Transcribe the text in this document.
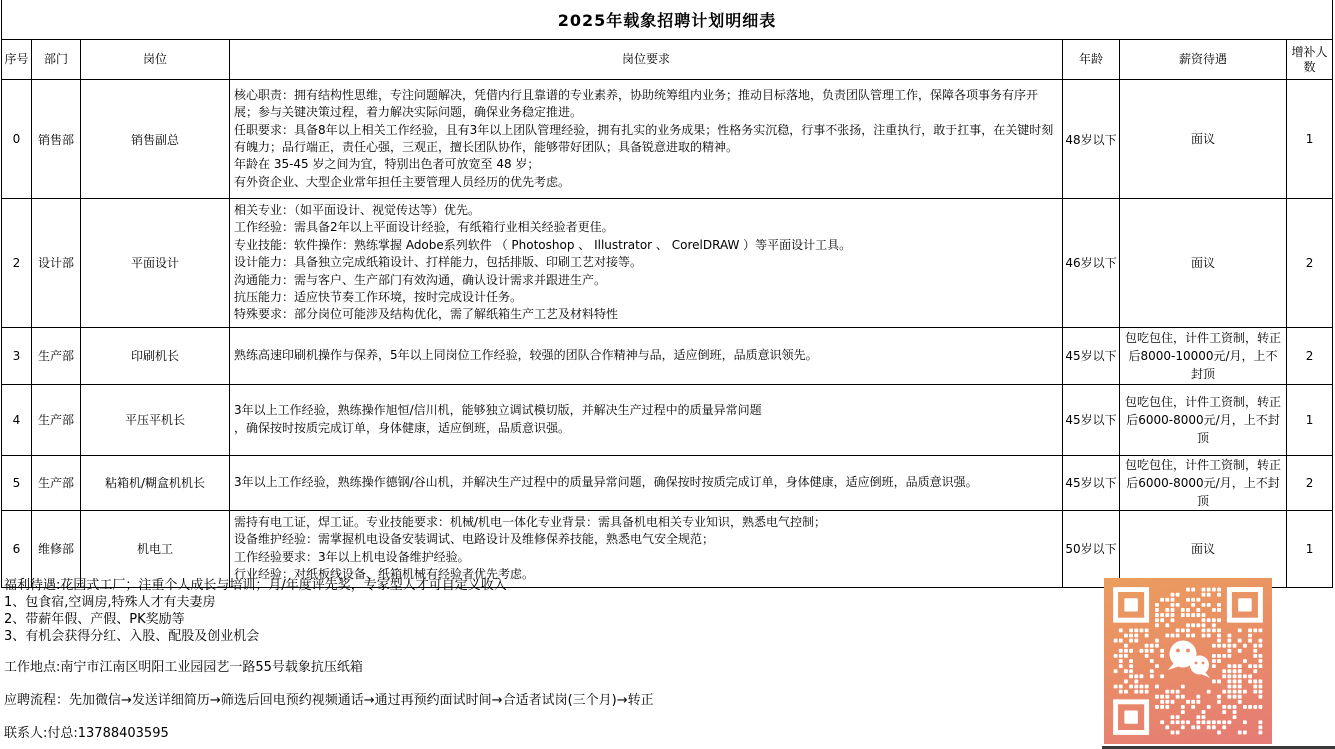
2025年载象招聘计划明细表						
序号	部门	岗位	岗位要求	年龄	薪资待遇	增补人数
0	销售部	销售副总	核心职责：拥有结构性思维，专注问题解决，凭借内行且靠谱的专业素养，协助统筹组内业务；推动目标落地，负责团队管理工作，保障各项事务有序开展；参与关键决策过程，着力解决实际问题，确保业务稳定推进。
任职要求：具备8年以上相关工作经验，且有3年以上团队管理经验，拥有扎实的业务成果；性格务实沉稳，行事不张扬，注重执行，敢于扛事，在关键时刻有魄力；品行端正，责任心强，三观正，擅长团队协作，能够带好团队；具备锐意进取的精神。
年龄在 35-45 岁之间为宜，特别出色者可放宽至 48 岁；
有外资企业、大型企业常年担任主要管理人员经历的优先考虑。	48岁以下	面议	1
2	设计部	平面设计	
相关专业：（如平面设计、视觉传达等）优先。
工作经验：需具备2年以上平面设计经验，有纸箱行业相关经验者更佳。
专业技能：软件操作：熟练掌握 Adobe系列软件 （ Photoshop 、 Illustrator 、 CorelDRAW ）等平面设计工具。
设计能力：具备独立完成纸箱设计、打样能力，包括排版、印刷工艺对接等。
沟通能力：需与客户、生产部门有效沟通，确认设计需求并跟进生产。
抗压能力：适应快节奏工作环境，按时完成设计任务。
特殊要求：部分岗位可能涉及结构优化，需了解纸箱生产工艺及材料特性
	46岁以下	面议	2
3	生产部	印刷机长	熟练高速印刷机操作与保养，5年以上同岗位工作经验，较强的团队合作精神与品，适应倒班，品质意识领先。	45岁以下	包吃包住，计件工资制，转正后8000-10000元/月，上不封顶	2
4	生产部	平压平机长	3年以上工作经验，熟练操作旭恒/信川机，能够独立调试模切版，并解决生产过程中的质量异常问题
，确保按时按质完成订单，身体健康，适应倒班，品质意识强。	45岁以下	包吃包住，计件工资制，转正后6000-8000元/月，上不封顶	1
5	生产部	粘箱机/糊盒机机长	3年以上工作经验，熟练操作德钢/谷山机，并解决生产过程中的质量异常问题，确保按时按质完成订单，身体健康，适应倒班，品质意识强。	45岁以下	包吃包住，计件工资制，转正后6000-8000元/月，上不封顶	2
6	维修部	机电工	需持有电工证，焊工证。专业技能要求：机械/机电一体化专业背景：需具备机电相关专业知识，熟悉电气控制；
设备维护经验：需掌握机电设备安装调试、电路设计及维修保养技能，熟悉电气安全规范；
工作经验要求：3年以上机电设备维护经验。
行业经验：对纸板线设备、纸箱机械有经验者优先考虑。	50岁以下	面议	1
福利待遇:花园式工厂；注重个人成长与培训；月/年度评先奖，专家型人才可自定义收入
1、包食宿,空调房,特殊人才有夫妻房
2、带薪年假、产假、PK奖励等
3、有机会获得分红、入股、配股及创业机会
工作地点:南宁市江南区明阳工业园园艺一路55号载象抗压纸箱
应聘流程：先加微信→发送详细简历→筛选后回电预约视频通话→通过再预约面试时间→合适者试岗(三个月)→转正
联系人:付总:13788403595
